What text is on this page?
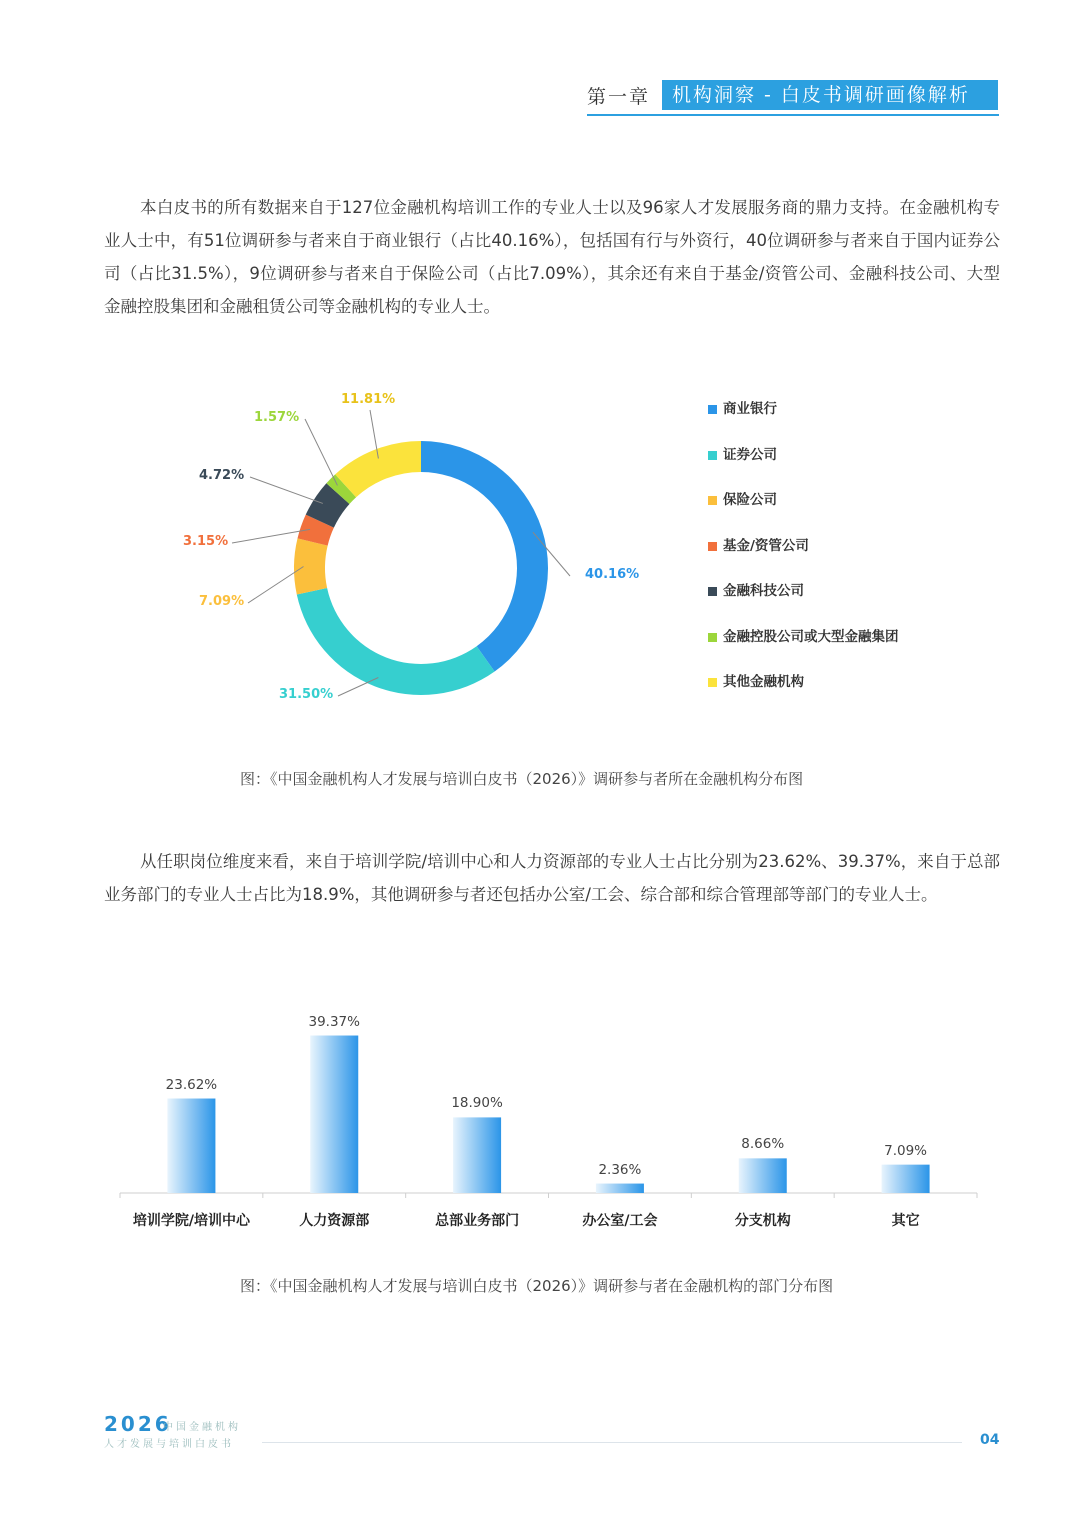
第一章	机构洞察 - 白皮书调研画像解析

本白皮书的所有数据来自于127位金融机构培训工作的专业人士以及96家人才发展服务商的鼎力支持。在金融机构专业人士中，有51位调研参与者来自于商业银行（占比40.16%），包括国有行与外资行，40位调研参与者来自于国内证券公司（占比31.5%），9位调研参与者来自于保险公司（占比7.09%），其余还有来自于基金/资管公司、金融科技公司、大型金融控股集团和金融租赁公司等金融机构的专业人士。

40.16%
31.50%
7.09%
3.15%
4.72%
1.57%
11.81%
商业银行
证券公司
保险公司
基金/资管公司
金融科技公司
金融控股公司或大型金融集团
其他金融机构
图：《中国金融机构人才发展与培训白皮书（2026）》调研参与者所在金融机构分布图

从任职岗位维度来看，来自于培训学院/培训中心和人力资源部的专业人士占比分别为23.62%、39.37%，来自于总部业务部门的专业人士占比为18.9%，其他调研参与者还包括办公室/工会、综合部和综合管理部等部门的专业人士。

23.62%
培训学院/培训中心
39.37%
人力资源部
18.90%
总部业务部门
2.36%
办公室/工会
8.66%
分支机构
7.09%
其它
图：《中国金融机构人才发展与培训白皮书（2026）》调研参与者在金融机构的部门分布图
2026
中国金融机构
人才发展与培训白皮书	04
